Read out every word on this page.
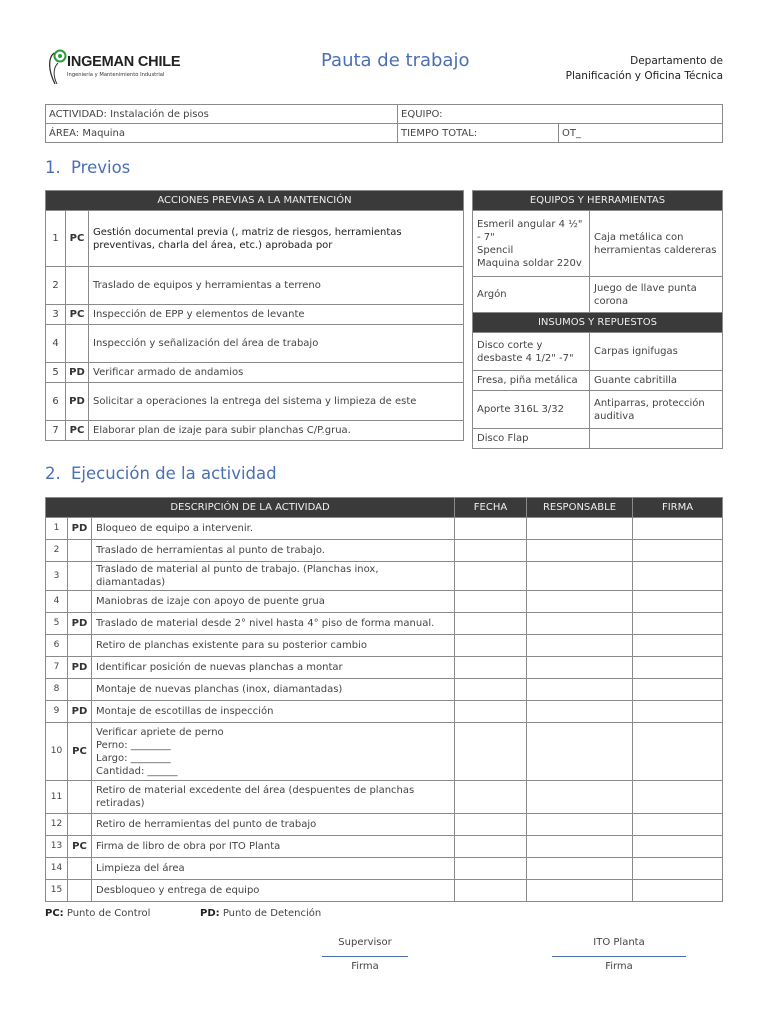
INGEMAN CHILE
Ingeniería y Mantenimiento Industrial
Pauta de trabajo	Departamento de
Planificación y Oficina Técnica
ACTIVIDAD: Instalación de pisos	EQUIPO:	
ÁREA: Maquina	TIEMPO TOTAL:	OT_
1. Previos
ACCIONES PREVIAS A LA MANTENCIÓN		
1	PC	Gestión documental previa (, matriz de riesgos, herramientas preventivas, charla del área, etc.) aprobada por
2		Traslado de equipos y herramientas a terreno
3	PC	Inspección de EPP y elementos de levante
4		Inspección y señalización del área de trabajo
5	PD	Verificar armado de andamios
6	PD	Solicitar a operaciones la entrega del sistema y limpieza de este
7	PC	Elaborar plan de izaje para subir planchas C/P.grua.
EQUIPOS Y HERRAMIENTAS	

Esmeril angular 4 ½" - 7"
Spencil
Maquina soldar 220v	Caja metálica con herramientas caldereras
Argón	Juego de llave punta corona
INSUMOS Y REPUESTOS	
Disco corte y desbaste 4 1/2" -7"	Carpas ignifugas
Fresa, piña metálica	Guante cabritilla
Aporte 316L 3/32	Antiparras, protección auditiva
Disco Flap	
2. Ejecución de la actividad
DESCRIPCIÓN DE LA ACTIVIDAD			FECHA	RESPONSABLE	FIRMA
1	PD	Bloqueo de equipo a intervenir.			
2		Traslado de herramientas al punto de trabajo.			
3		Traslado de material al punto de trabajo. (Planchas inox, diamantadas)			
4		Maniobras de izaje con apoyo de puente grua			
5	PD	Traslado de material desde 2° nivel hasta 4° piso de forma manual.			
6		Retiro de planchas existente para su posterior cambio			
7	PD	Identificar posición de nuevas planchas a montar			
8		Montaje de nuevas planchas (inox, diamantadas)			
9	PD	Montaje de escotillas de inspección			
10	PC	Verificar apriete de perno
Perno: ________
Largo: ________
Cantidad: ______			

11		Retiro de material excedente del área (despuentes de planchas retiradas)			
12		Retiro de herramientas del punto de trabajo			
13	PC	Firma de libro de obra por ITO Planta			
14		Limpieza del área			
15		Desbloqueo y entrega de equipo			
PC: Punto de Control	PD: Punto de Detención
Supervisor
Firma
ITO Planta
Firma
